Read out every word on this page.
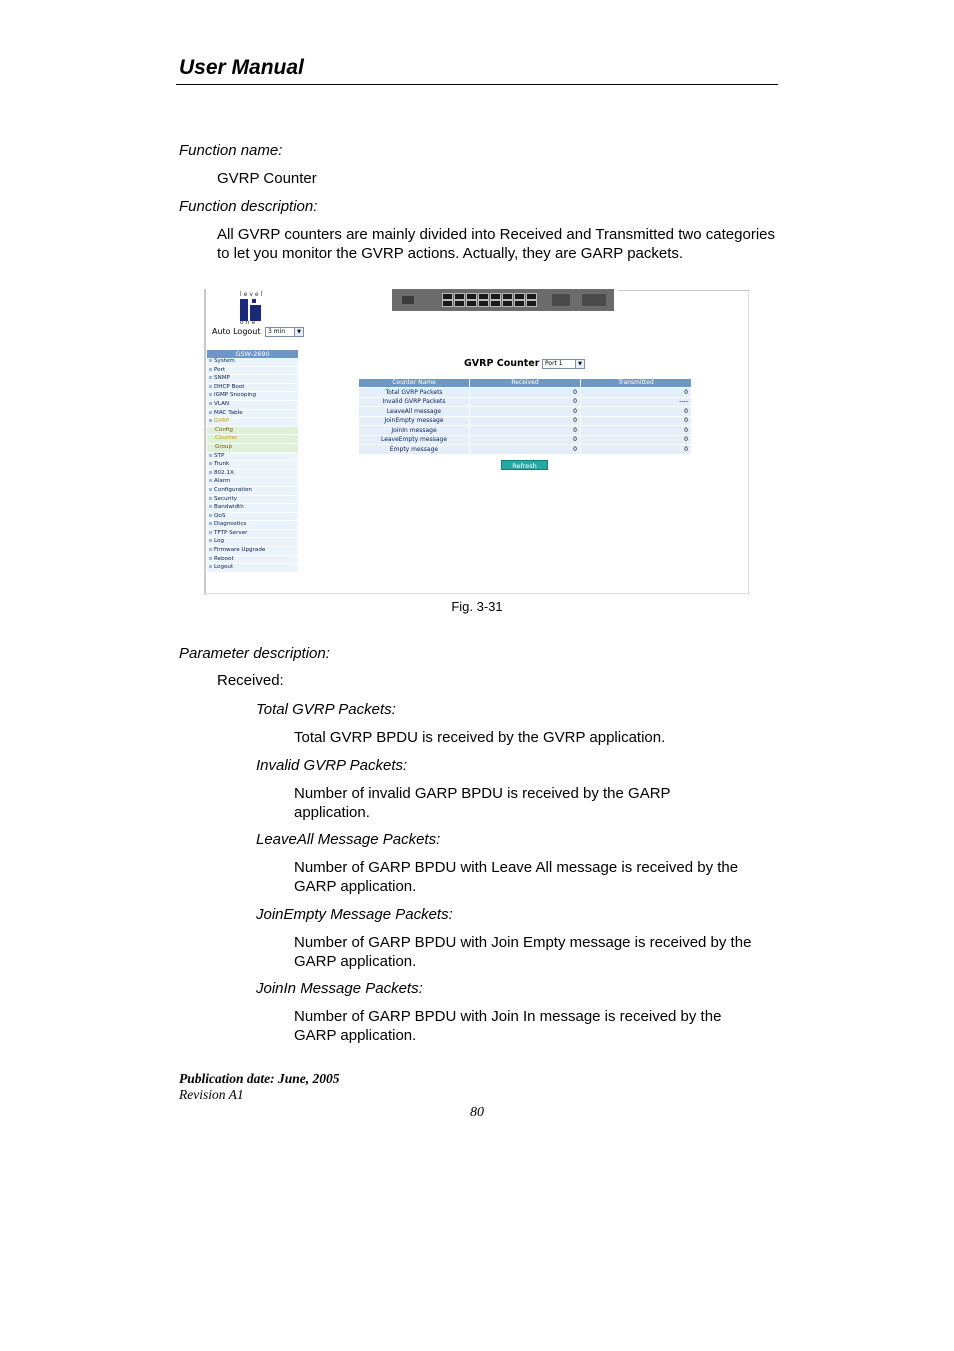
User Manual
Function name:
GVRP Counter
Function description:
All GVRP counters are mainly divided into Received and Transmitted two categories to let you monitor the GVRP actions. Actually, they are GARP packets.
level
one
Auto Logout	3 min	▼
GSW-2690
System
Port
SNMP
DHCP Boot
IGMP Snooping
VLAN
MAC Table
GVRP
Config
Counter
Group
STP
Trunk
802.1X
Alarm
Configuration
Security
Bandwidth
QoS
Diagnostics
TFTP Server
Log
Firmware Upgrade
Reboot
Logout
GVRP Counter Port 1	▼
Counter Name	Received	Transmitted
Total GVRP Packets	0	0
Invalid GVRP Packets	0	----
LeaveAll message	0	0
JoinEmpty message	0	0
JoinIn message	0	0
LeaveEmpty message	0	0
Empty message	0	0
Refresh
Fig. 3-31
Parameter description:
Received:
Total GVRP Packets:
Total GVRP BPDU is received by the GVRP application.
Invalid GVRP Packets:
Number of invalid GARP BPDU is received by the GARP application.
LeaveAll Message Packets:
Number of GARP BPDU with Leave All message is received by the GARP application.
JoinEmpty Message Packets:
Number of GARP BPDU with Join Empty message is received by the GARP application.
JoinIn Message Packets:
Number of GARP BPDU with Join In message is received by the GARP application.
Publication date: June, 2005
Revision A1
80
